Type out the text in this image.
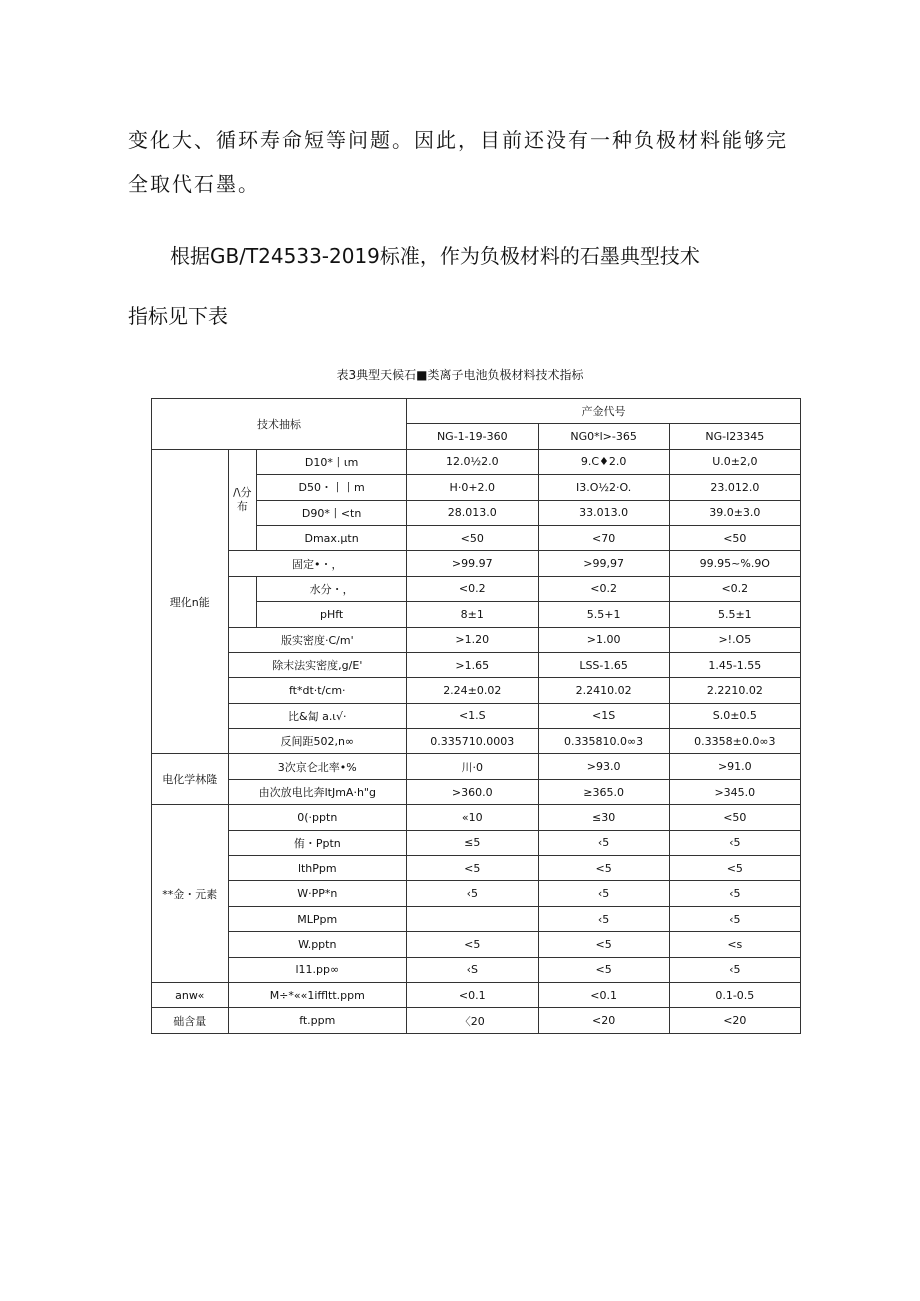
变化大、循环寿命短等问题。因此，目前还没有一种负极材料能够完全取代石墨。

根据GB/T24533-2019标准，作为负极材料的石墨典型技术

指标见下表

表3典型天候石■类离子电池负极材料技术指标

技术抽标			产金代号		
			NG-1-19-360	NG0*l>-365	NG-I23345
理化n能	/\分布	D10*丨ιm	12.0½2.0	9.C♦2.0	U.0±2,0
		D50・丨丨m	H·0+2.0	I3.O½2·O.	23.012.0
		D90*丨<tn	28.013.0	33.013.0	39.0±3.0
		Dmax.μtn	<50	<70	<50
	固定•・，		>99.97	>99,97	99.95~%.9O
		水分・，	<0.2	<0.2	<0.2
		pHft	8±1	5.5+1	5.5±1
	版实密度·C/m'		>1.20	>1.00	>!.O5
	除末法实密度,g/E'		>1.65	LSS-1.65	1.45-1.55
	ft*dt·t/cm·		2.24±0.02	2.2410.02	2.2210.02
	比&匐 a.ι√·		<1.S	<1S	S.0±0.5
	反间距502,n∞		0.335710.0003	0.335810.0∞3	0.3358±0.0∞3
电化学林隆	3次京仑北率•%		川·0	>93.0	>91.0
	由次放电比奔ltJmA·h"g		>360.0	≥365.0	>345.0
**金・元素	0(·pptn		«10	≤30	<50
	侑・Pptn		≤5	‹5	‹5
	lthPpm		<5	<5	<5
	W·PP*n		‹5	‹5	‹5
	MLPpm			‹5	‹5
	W.pptn		<5	<5	<s
	l11.pp∞		‹S	<5	‹5
anw«	M÷*««1iffltt.ppm		<0.1	<0.1	0.1-0.5
础含量	ft.ppm		〈20	<20	<20
